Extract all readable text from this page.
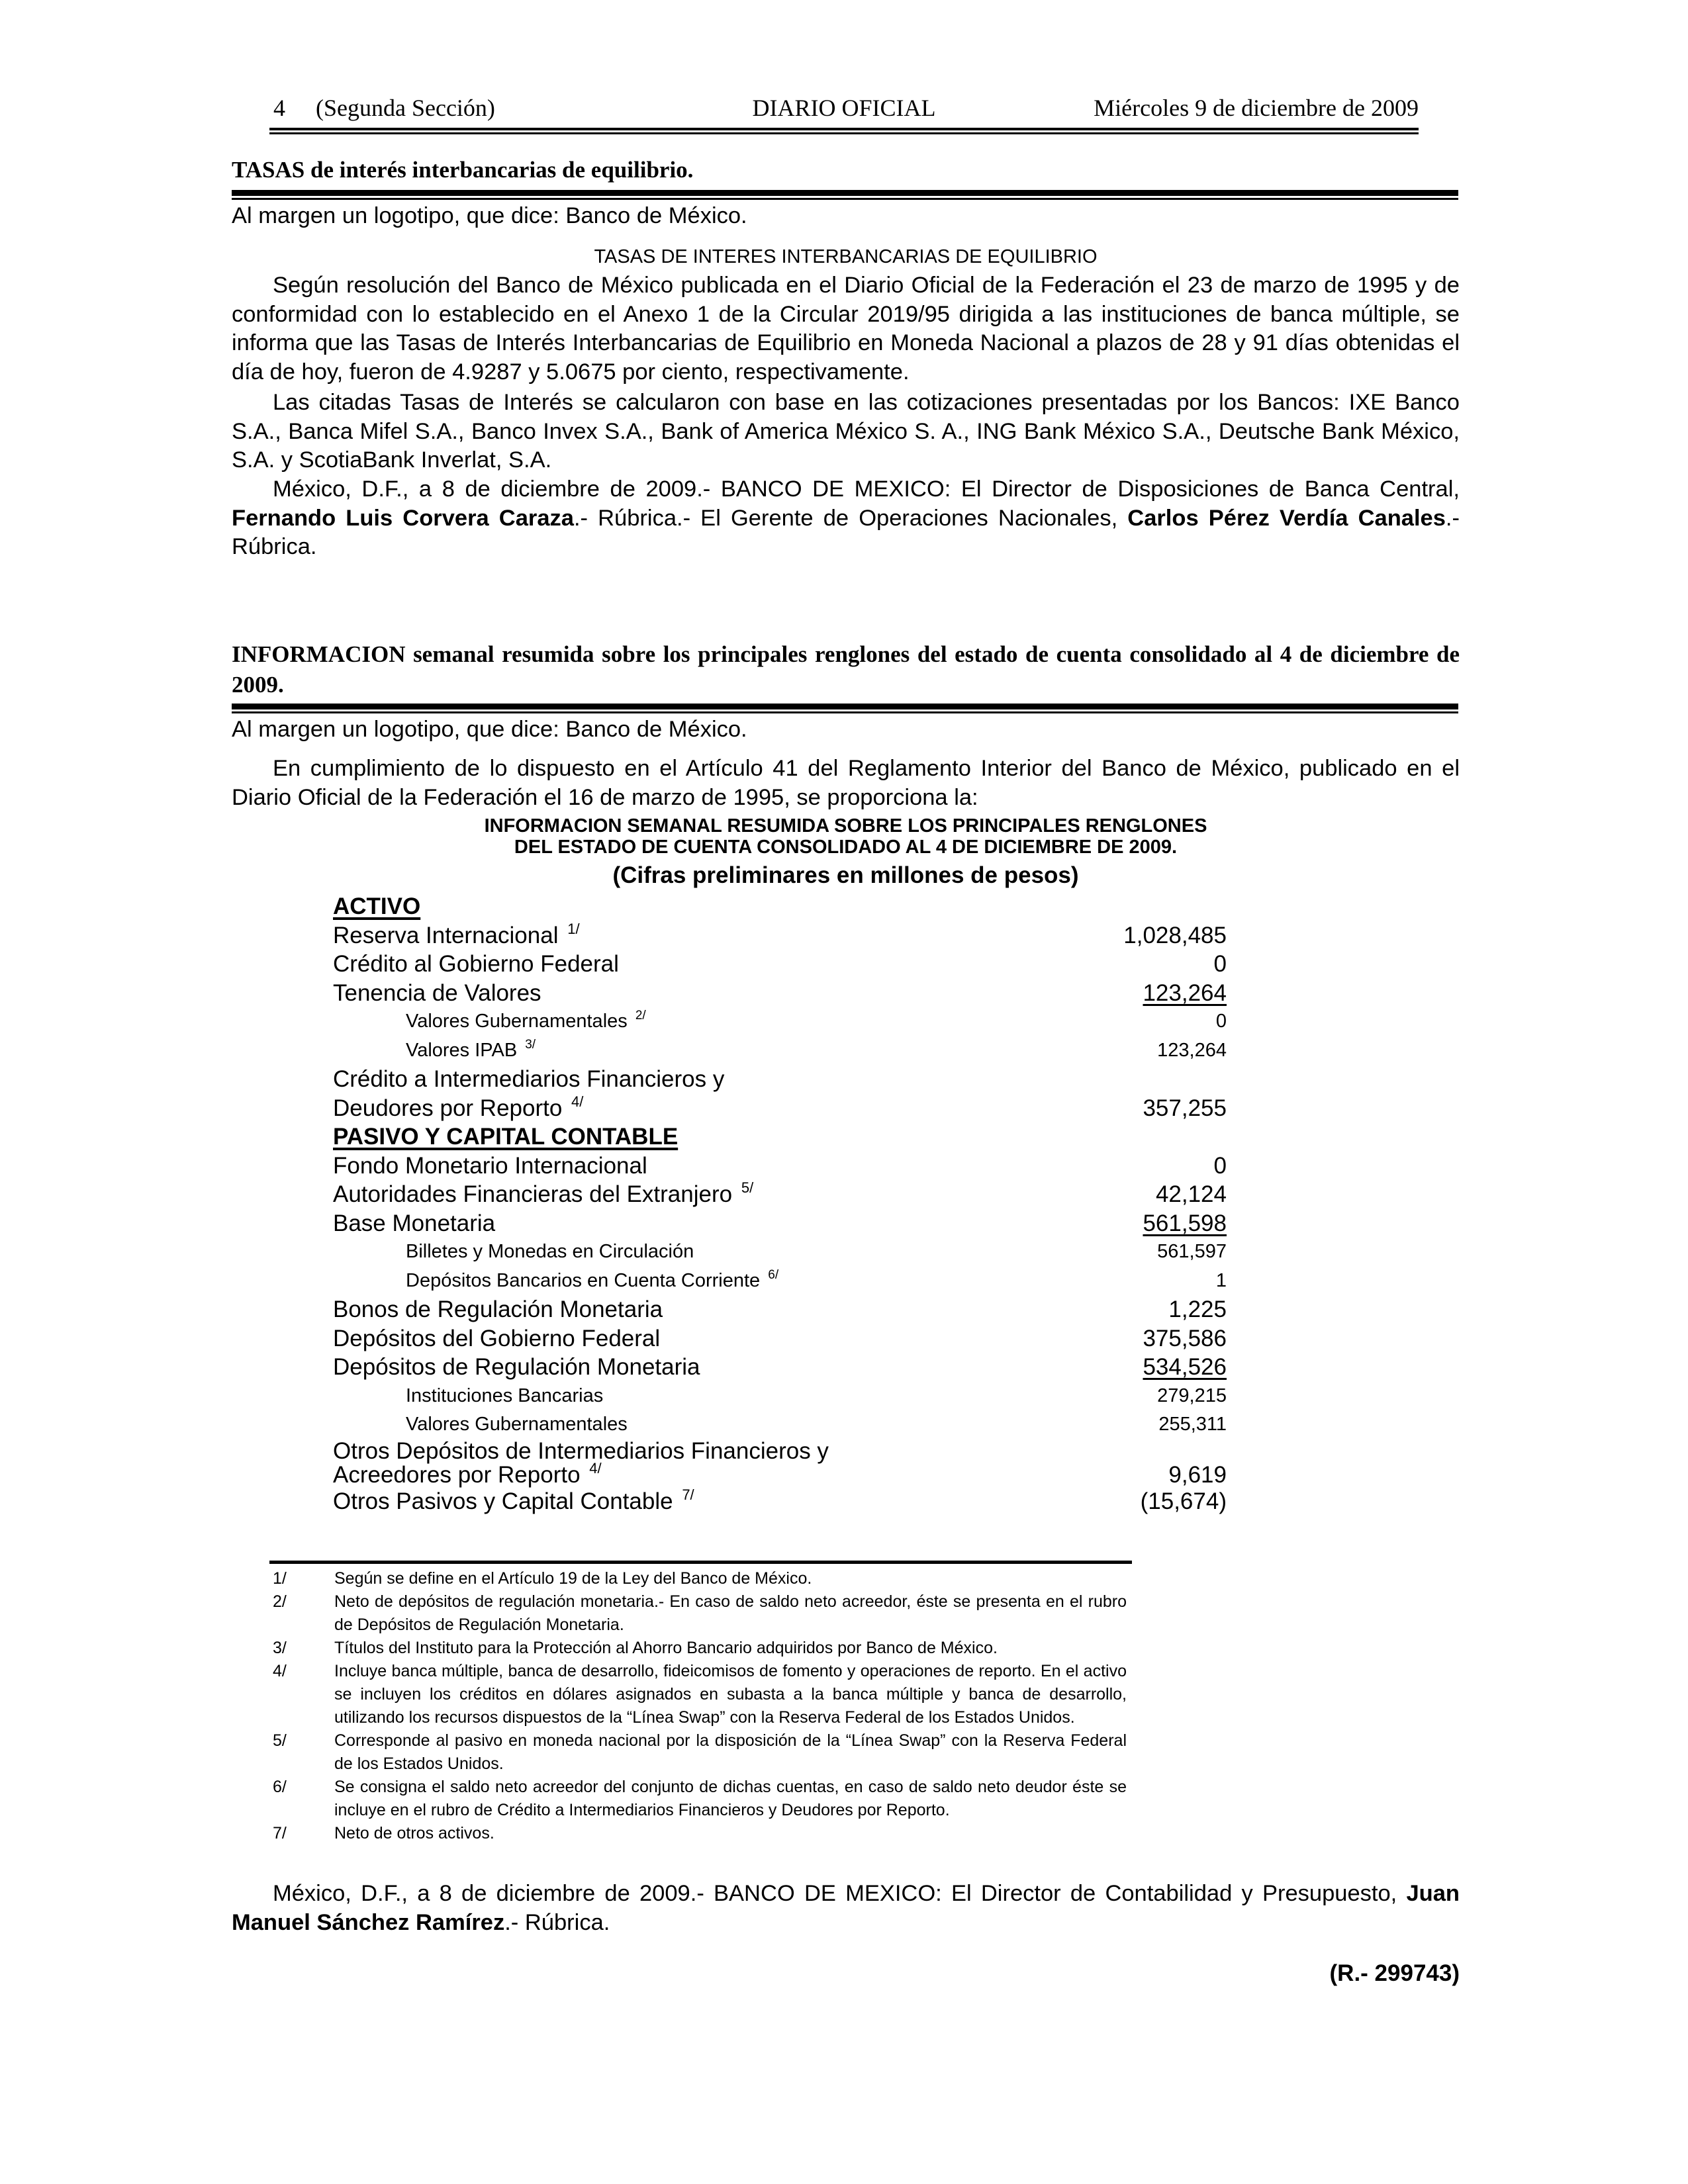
4 (Segunda Sección)	DIARIO OFICIAL	Miércoles 9 de diciembre de 2009
TASAS de interés interbancarias de equilibrio.

Al margen un logotipo, que dice: Banco de México.

TASAS DE INTERES INTERBANCARIAS DE EQUILIBRIO

Según resolución del Banco de México publicada en el Diario Oficial de la Federación el 23 de marzo de 1995 y de conformidad con lo establecido en el Anexo 1 de la Circular 2019/95 dirigida a las instituciones de banca múltiple, se informa que las Tasas de Interés Interbancarias de Equilibrio en Moneda Nacional a plazos de 28 y 91 días obtenidas el día de hoy, fueron de 4.9287 y 5.0675 por ciento, respectivamente.

Las citadas Tasas de Interés se calcularon con base en las cotizaciones presentadas por los Bancos: IXE Banco S.A., Banca Mifel S.A., Banco Invex S.A., Bank of America México S. A., ING Bank México S.A., Deutsche Bank México, S.A. y ScotiaBank Inverlat, S.A.

México, D.F., a 8 de diciembre de 2009.- BANCO DE MEXICO: El Director de Disposiciones de Banca Central, Fernando Luis Corvera Caraza.- Rúbrica.- El Gerente de Operaciones Nacionales, Carlos Pérez Verdía Canales.- Rúbrica.

INFORMACION semanal resumida sobre los principales renglones del estado de cuenta consolidado al 4 de diciembre de 2009.

Al margen un logotipo, que dice: Banco de México.

En cumplimiento de lo dispuesto en el Artículo 41 del Reglamento Interior del Banco de México, publicado en el Diario Oficial de la Federación el 16 de marzo de 1995, se proporciona la:

INFORMACION SEMANAL RESUMIDA SOBRE LOS PRINCIPALES RENGLONES
DEL ESTADO DE CUENTA CONSOLIDADO AL 4 DE DICIEMBRE DE 2009.
(Cifras preliminares en millones de pesos)
ACTIVO
Reserva Internacional $^{1/}$	1,028,485
Crédito al Gobierno Federal	0
Tenencia de Valores	123,264
Valores Gubernamentales $^{2/}$	0
Valores IPAB $^{3/}$	123,264
Crédito a Intermediarios Financieros y
Deudores por Reporto $^{4/}$	357,255
PASIVO Y CAPITAL CONTABLE
Fondo Monetario Internacional	0
Autoridades Financieras del Extranjero $^{5/}$	42,124
Base Monetaria	561,598
Billetes y Monedas en Circulación	561,597
Depósitos Bancarios en Cuenta Corriente $^{6/}$	1
Bonos de Regulación Monetaria	1,225
Depósitos del Gobierno Federal	375,586
Depósitos de Regulación Monetaria	534,526
Instituciones Bancarias	279,215
Valores Gubernamentales	255,311
Otros Depósitos de Intermediarios Financieros y
Acreedores por Reporto $^{4/}$	9,619
Otros Pasivos y Capital Contable $^{7/}$	(15,674)
1/	Según se define en el Artículo 19 de la Ley del Banco de México.
2/	Neto de depósitos de regulación monetaria.- En caso de saldo neto acreedor, éste se presenta en el rubro de Depósitos de Regulación Monetaria.
3/	Títulos del Instituto para la Protección al Ahorro Bancario adquiridos por Banco de México.
4/	Incluye banca múltiple, banca de desarrollo, fideicomisos de fomento y operaciones de reporto. En el activo se incluyen los créditos en dólares asignados en subasta a la banca múltiple y banca de desarrollo, utilizando los recursos dispuestos de la “Línea Swap” con la Reserva Federal de los Estados Unidos.
5/	Corresponde al pasivo en moneda nacional por la disposición de la “Línea Swap” con la Reserva Federal de los Estados Unidos.
6/	Se consigna el saldo neto acreedor del conjunto de dichas cuentas, en caso de saldo neto deudor éste se incluye en el rubro de Crédito a Intermediarios Financieros y Deudores por Reporto.
7/	Neto de otros activos.

México, D.F., a 8 de diciembre de 2009.- BANCO DE MEXICO: El Director de Contabilidad y Presupuesto, Juan Manuel Sánchez Ramírez.- Rúbrica.

(R.- 299743)
